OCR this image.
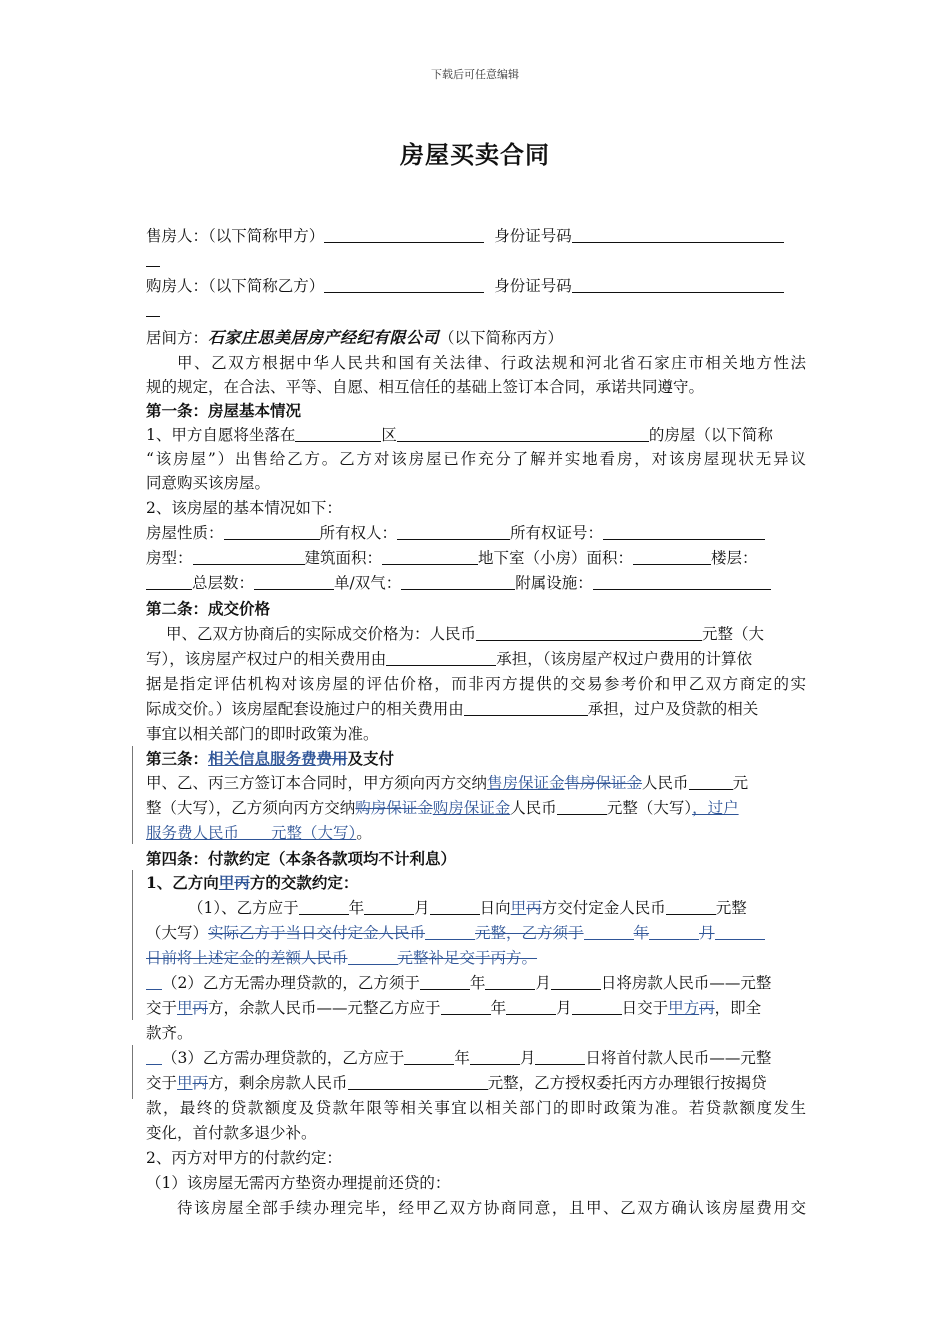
下载后可任意编辑
房屋买卖合同
售房人：（以下简称甲方）	身份证号码
购房人：（以下简称乙方）	身份证号码
居间方：石家庄思美居房产经纪有限公司（以下简称丙方）
甲、乙双方根据中华人民共和国有关法律、行政法规和河北省石家庄市相关地方性法
规的规定，在合法、平等、自愿、相互信任的基础上签订本合同，承诺共同遵守。
第一条：房屋基本情况
1、甲方自愿将坐落在	区	的房屋（以下简称
“该房屋”）出售给乙方。乙方对该房屋已作充分了解并实地看房，对该房屋现状无异议
同意购买该房屋。
2、该房屋的基本情况如下：
房屋性质：	所有权人：	所有权证号：
房型：	建筑面积：	地下室（小房）面积：	楼层：
总层数：	单/双气：	附属设施：
第二条：成交价格
甲、乙双方协商后的实际成交价格为：人民币	元整（大
写），该房屋产权过户的相关费用由	承担，（该房屋产权过户费用的计算依
据是指定评估机构对该房屋的评估价格，而非丙方提供的交易参考价和甲乙双方商定的实
际成交价。）该房屋配套设施过户的相关费用由	承担，过户及贷款的相关
事宜以相关部门的即时政策为准。
第三条：相关信息服务费费用及支付
甲、乙、丙三方签订本合同时，甲方须向丙方交纳售房保证金售房保证金人民币	元
整（大写），乙方须向丙方交纳购房保证金购房保证金人民币	元整（大写），过户
服务费人民币 元整（大写）。
第四条：付款约定（本条各款项均不计利息）
1、乙方向甲丙方的交款约定：
（1）、乙方应于	年	月	日向甲丙方交付定金人民币	元整
（大写）实际乙方于当日交付定金人民币	元整，乙方须于	年	月
日前将上述定金的差额人民币	元整补足交于丙方。
（2）乙方无需办理贷款的，乙方须于	年	月	日将房款人民币——元整
交于甲丙方，余款人民币——元整乙方应于	年	月	日交于甲方丙，即全
款齐。
（3）乙方需办理贷款的，乙方应于	年	月	日将首付款人民币——元整
交于甲丙方，剩余房款人民币	元整，乙方授权委托丙方办理银行按揭贷
款，最终的贷款额度及贷款年限等相关事宜以相关部门的即时政策为准。若贷款额度发生
变化，首付款多退少补。
2、丙方对甲方的付款约定：
（1）该房屋无需丙方垫资办理提前还贷的：
待该房屋全部手续办理完毕，经甲乙双方协商同意，且甲、乙双方确认该房屋费用交
